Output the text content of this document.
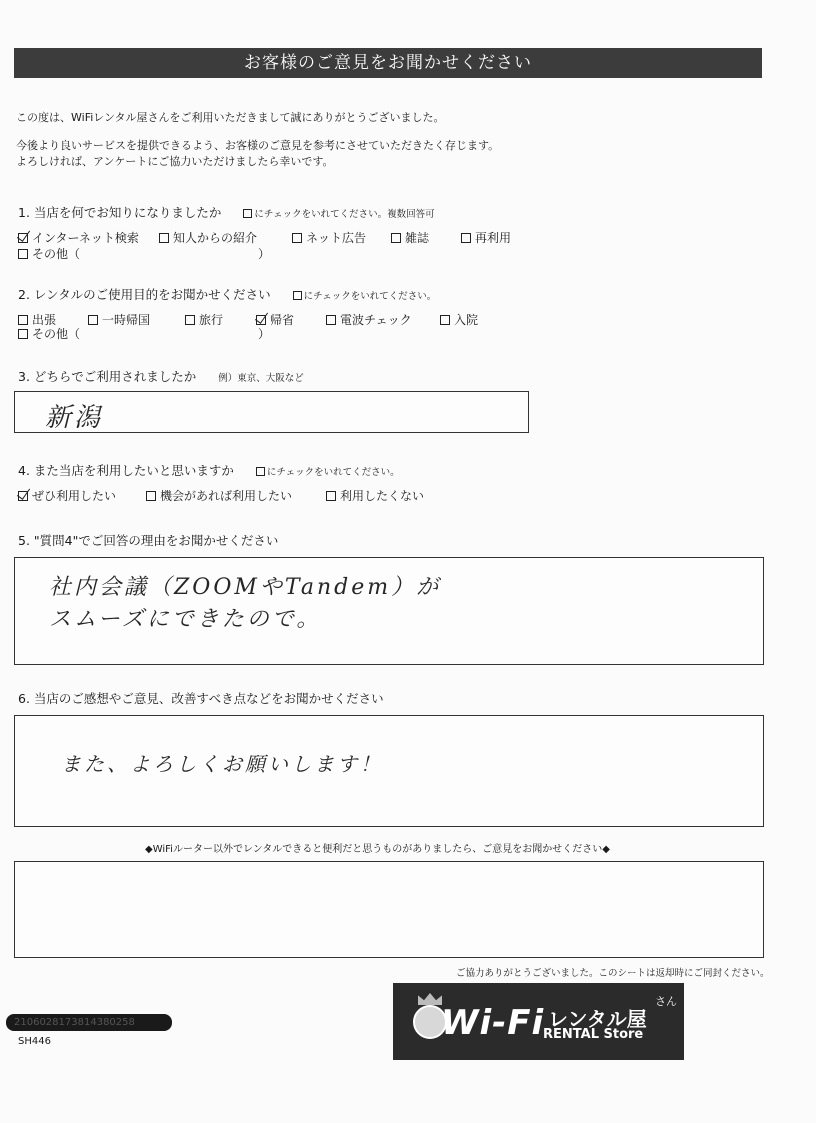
お客様のご意見をお聞かせください
この度は、WiFiレンタル屋さんをご利用いただきまして誠にありがとうございました。
今後より良いサービスを提供できるよう、お客様のご意見を参考にさせていただきたく存じます。
よろしければ、アンケートにご協力いただけましたら幸いです。
1. 当店を何でお知りになりましたか	にチェックをいれてください。複数回答可
インターネット検索	知人からの紹介	ネット広告	雑誌	再利用
その他（	）
2. レンタルのご使用目的をお聞かせください	にチェックをいれてください。
出張	一時帰国	旅行	帰省	電波チェック	入院
その他（	）
3. どちらでご利用されましたか 例）東京、大阪など
新潟
4. また当店を利用したいと思いますか	にチェックをいれてください。
ぜひ利用したい	機会があれば利用したい	利用したくない
5. "質問4"でご回答の理由をお聞かせください
社内会議（ZOOMやTandem）が
スムーズにできたので。
6. 当店のご感想やご意見、改善すべき点などをお聞かせください
また、よろしくお願いします！
◆WiFiルーター以外でレンタルできると便利だと思うものがありましたら、ご意見をお聞かせください◆
ご協力ありがとうございました。このシートは返却時にご同封ください。
2106028173814380258
SH446	Wi-Fi レンタル屋
さん
RENTAL Store
